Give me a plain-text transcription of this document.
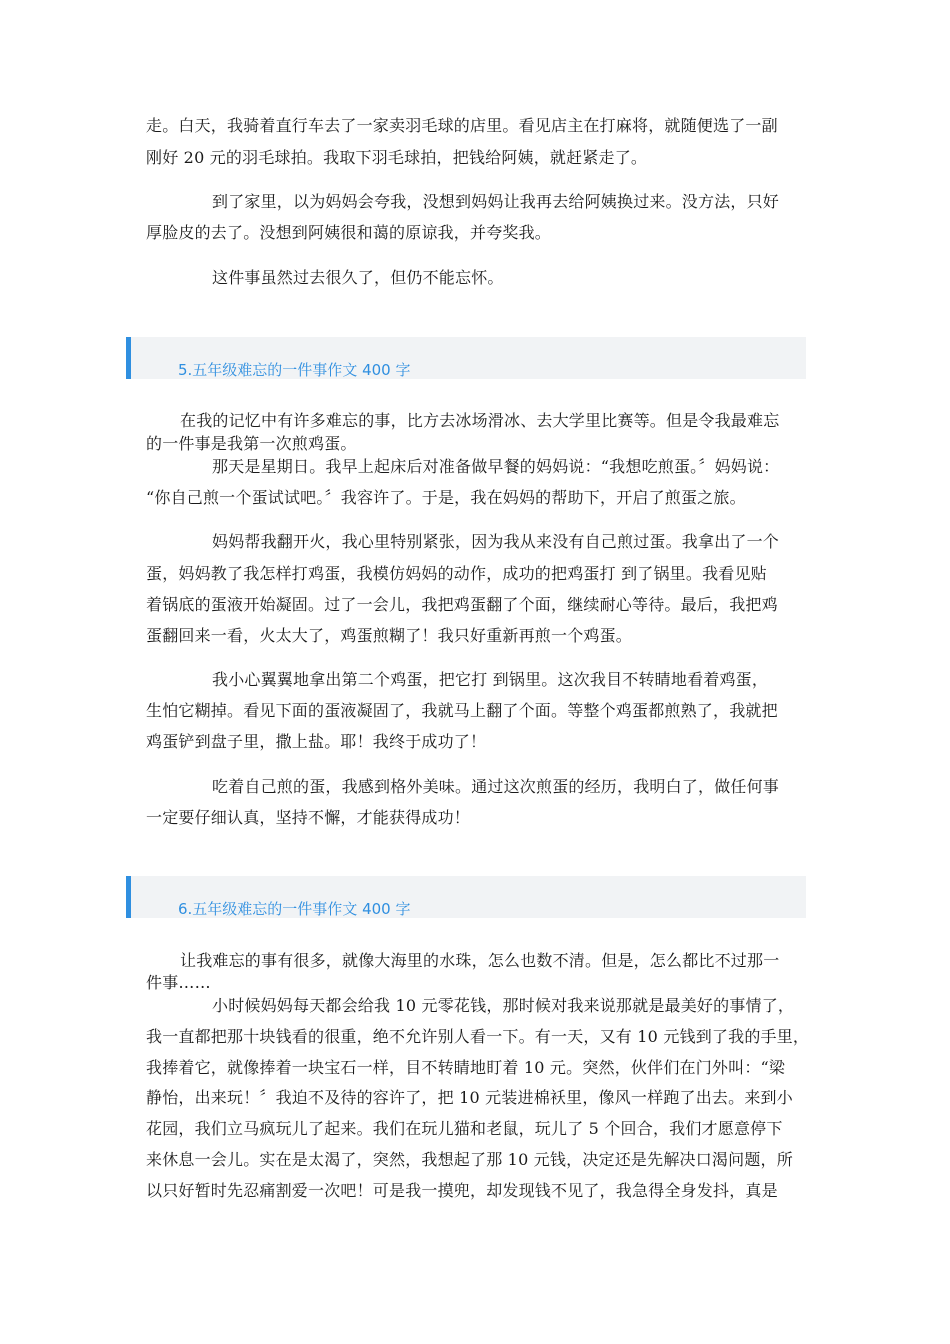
走。白天，我骑着直行车去了一家卖羽毛球的店里。看见店主在打麻将，就随便选了一副
刚好 20 元的羽毛球拍。我取下羽毛球拍，把钱给阿姨，就赶紧走了。
到了家里，以为妈妈会夸我，没想到妈妈让我再去给阿姨换过来。没方法，只好
厚脸皮的去了。没想到阿姨很和蔼的原谅我，并夸奖我。
这件事虽然过去很久了，但仍不能忘怀。
5.五年级难忘的一件事作文 400 字
在我的记忆中有许多难忘的事，比方去冰场滑冰、去大学里比赛等。但是令我最难忘
的一件事是我第一次煎鸡蛋。
那天是星期日。我早上起床后对准备做早餐的妈妈说：“我想吃煎蛋。〞妈妈说：
“你自己煎一个蛋试试吧。〞我容许了。于是，我在妈妈的帮助下，开启了煎蛋之旅。
妈妈帮我翻开火，我心里特别紧张，因为我从来没有自己煎过蛋。我拿出了一个
蛋，妈妈教了我怎样打鸡蛋，我模仿妈妈的动作，成功的把鸡蛋打 到了锅里。我看见贴
着锅底的蛋液开始凝固。过了一会儿，我把鸡蛋翻了个面，继续耐心等待。最后，我把鸡
蛋翻回来一看，火太大了，鸡蛋煎糊了！我只好重新再煎一个鸡蛋。
我小心翼翼地拿出第二个鸡蛋，把它打 到锅里。这次我目不转睛地看着鸡蛋，
生怕它糊掉。看见下面的蛋液凝固了，我就马上翻了个面。等整个鸡蛋都煎熟了，我就把
鸡蛋铲到盘子里，撒上盐。耶！我终于成功了！
吃着自己煎的蛋，我感到格外美味。通过这次煎蛋的经历，我明白了，做任何事
一定要仔细认真，坚持不懈，才能获得成功！
6.五年级难忘的一件事作文 400 字
让我难忘的事有很多，就像大海里的水珠，怎么也数不清。但是，怎么都比不过那一
件事……
小时候妈妈每天都会给我 10 元零花钱，那时候对我来说那就是最美好的事情了，
我一直都把那十块钱看的很重，绝不允许别人看一下。有一天，又有 10 元钱到了我的手里，
我捧着它，就像捧着一块宝石一样，目不转睛地盯着 10 元。突然，伙伴们在门外叫：“梁
静怡，出来玩！〞我迫不及待的容许了，把 10 元装进棉袄里，像风一样跑了出去。来到小
花园，我们立马疯玩儿了起来。我们在玩儿猫和老鼠，玩儿了 5 个回合，我们才愿意停下
来休息一会儿。实在是太渴了，突然，我想起了那 10 元钱，决定还是先解决口渴问题，所
以只好暂时先忍痛割爱一次吧！可是我一摸兜，却发现钱不见了，我急得全身发抖，真是
